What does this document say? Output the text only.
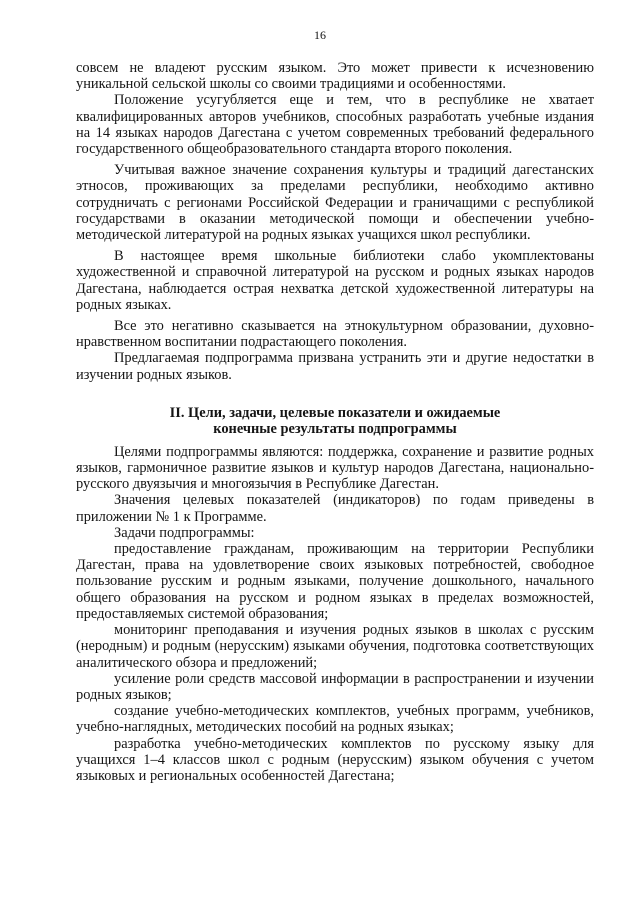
16

совсем не владеют русским языком. Это может привести к исчезновению уникальной сельской школы со своими традициями и особенностями.

Положение усугубляется еще и тем, что в республике не хватает квалифицированных авторов учебников, способных разработать учебные издания на 14 языках народов Дагестана с учетом современных требований федерального государственного общеобразовательного стандарта второго поколения.

Учитывая важное значение сохранения культуры и традиций дагестанских этносов, проживающих за пределами республики, необходимо активно сотрудничать с регионами Российской Федерации и граничащими с республикой государствами в оказании методической помощи и обеспечении учебно-методической литературой на родных языках учащихся школ республики.

В настоящее время школьные библиотеки слабо укомплектованы художественной и справочной литературой на русском и родных языках народов Дагестана, наблюдается острая нехватка детской художественной литературы на родных языках.

Все это негативно сказывается на этнокультурном образовании, духовно-нравственном воспитании подрастающего поколения.

Предлагаемая подпрограмма призвана устранить эти и другие недостатки в изучении родных языков.

II. Цели, задачи, целевые показатели и ожидаемые
конечные результаты подпрограммы

Целями подпрограммы являются: поддержка, сохранение и развитие родных языков, гармоничное развитие языков и культур народов Дагестана, национально-русского двуязычия и многоязычия в Республике Дагестан.

Значения целевых показателей (индикаторов) по годам приведены в приложении № 1 к Программе.

Задачи подпрограммы:

предоставление гражданам, проживающим на территории Республики Дагестан, права на удовлетворение своих языковых потребностей, свободное пользование русским и родным языками, получение дошкольного, начального общего образования на русском и родном языках в пределах возможностей, предоставляемых системой образования;

мониторинг преподавания и изучения родных языков в школах с русским (неродным) и родным (нерусским) языками обучения, подготовка соответствующих аналитического обзора и предложений;

усиление роли средств массовой информации в распространении и изучении родных языков;

создание учебно-методических комплектов, учебных программ, учебников, учебно-наглядных, методических пособий на родных языках;

разработка учебно-методических комплектов по русскому языку для учащихся 1–4 классов школ с родным (нерусским) языком обучения с учетом языковых и региональных особенностей Дагестана;
